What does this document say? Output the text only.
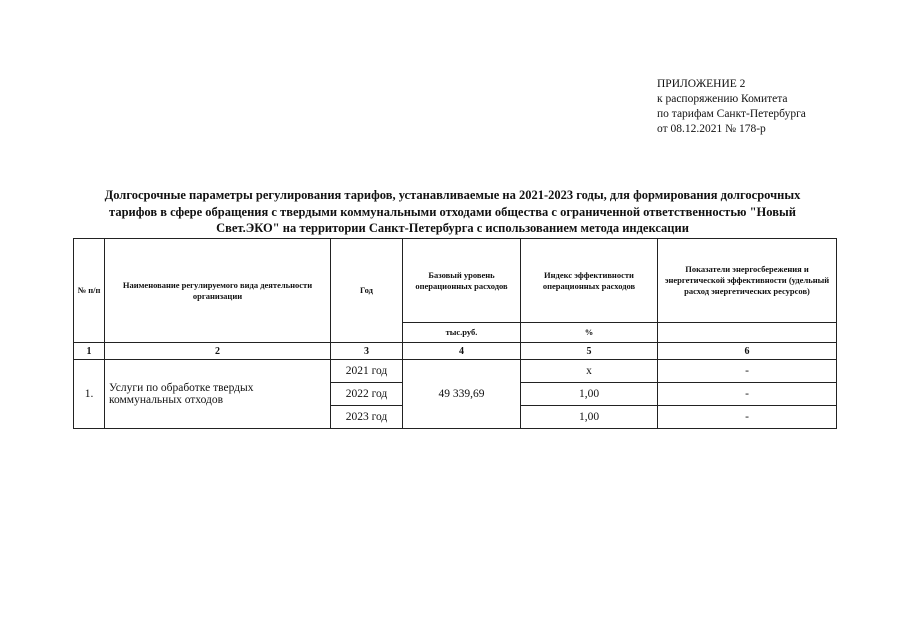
ПРИЛОЖЕНИЕ 2
к распоряжению Комитета
по тарифам Санкт-Петербурга
от 08.12.2021 № 178-р
Долгосрочные параметры регулирования тарифов, устанавливаемые на 2021-2023 годы, для формирования долгосрочных тарифов в сфере обращения с твердыми коммунальными отходами общества с ограниченной ответственностью "Новый Свет.ЭКО" на территории Санкт-Петербурга с использованием метода индексации
№ п/п	Наименование регулируемого вида деятельности организации	Год	Базовый уровень операционных расходов	Индекс эффективности операционных расходов	Показатели энергосбережения и энергетической эффективности (удельный расход энергетических ресурсов)
			тыс.руб.	%	
1	2	3	4	5	6
1.	Услуги по обработке твердых коммунальных отходов	2021 год	49 339,69	х	-
		2022 год		1,00	-
		2023 год		1,00	-
